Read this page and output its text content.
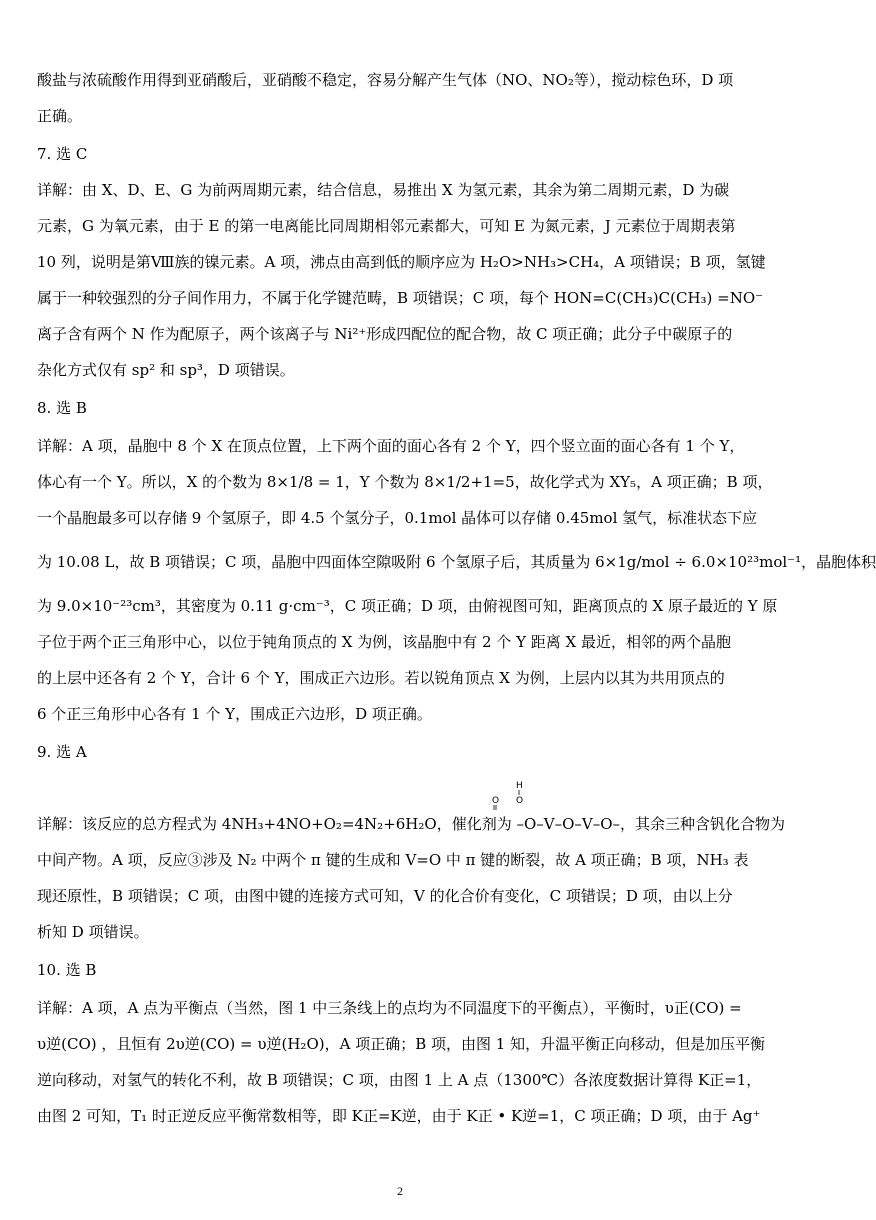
酸盐与浓硫酸作用得到亚硝酸后，亚硝酸不稳定，容易分解产生气体（NO、NO₂等），搅动棕色环，D 项
正确。
7. 选 C
详解：由 X、D、E、G 为前两周期元素，结合信息，易推出 X 为氢元素，其余为第二周期元素，D 为碳
元素，G 为氧元素，由于 E 的第一电离能比同周期相邻元素都大，可知 E 为氮元素，J 元素位于周期表第
10 列，说明是第Ⅷ族的镍元素。A 项，沸点由高到低的顺序应为 H₂O>NH₃>CH₄，A 项错误；B 项，氢键
属于一种较强烈的分子间作用力，不属于化学键范畴，B 项错误；C 项，每个 HON=C(CH₃)C(CH₃) =NO⁻
离子含有两个 N 作为配原子，两个该离子与 Ni²⁺形成四配位的配合物，故 C 项正确；此分子中碳原子的
杂化方式仅有 sp² 和 sp³，D 项错误。
8. 选 B
详解：A 项，晶胞中 8 个 X 在顶点位置，上下两个面的面心各有 2 个 Y，四个竖立面的面心各有 1 个 Y，
体心有一个 Y。所以，X 的个数为 8×1/8 = 1，Y 个数为 8×1/2+1=5，故化学式为 XY₅，A 项正确；B 项，
一个晶胞最多可以存储 9 个氢原子，即 4.5 个氢分子，0.1mol 晶体可以存储 0.45mol 氢气，标准状态下应
为 10.08 L，故 B 项错误；C 项，晶胞中四面体空隙吸附 6 个氢原子后，其质量为 6×1g/mol ÷ 6.0×10²³mol⁻¹，晶胞体积
为 9.0×10⁻²³cm³，其密度为 0.11 g·cm⁻³，C 项正确；D 项，由俯视图可知，距离顶点的 X 原子最近的 Y 原
子位于两个正三角形中心，以位于钝角顶点的 X 为例，该晶胞中有 2 个 Y 距离 X 最近，相邻的两个晶胞
的上层中还各有 2 个 Y，合计 6 个 Y，围成正六边形。若以锐角顶点 X 为例，上层内以其为共用顶点的
6 个正三角形中心各有 1 个 Y，围成正六边形，D 项正确。
9. 选 A
H
O
O
详解：该反应的总方程式为 4NH₃+4NO+O₂=4N₂+6H₂O，催化剂为 –O–V–O–V–O–，其余三种含钒化合物为
中间产物。A 项，反应③涉及 N₂ 中两个 π 键的生成和 V=O 中 π 键的断裂，故 A 项正确；B 项，NH₃ 表
现还原性，B 项错误；C 项，由图中键的连接方式可知，V 的化合价有变化，C 项错误；D 项，由以上分
析知 D 项错误。
10. 选 B
详解：A 项，A 点为平衡点（当然，图 1 中三条线上的点均为不同温度下的平衡点），平衡时，υ正(CO) =
υ逆(CO) ，且恒有 2υ逆(CO) = υ逆(H₂O)，A 项正确；B 项，由图 1 知，升温平衡正向移动，但是加压平衡
逆向移动，对氢气的转化不利，故 B 项错误；C 项，由图 1 上 A 点（1300℃）各浓度数据计算得 K正=1，
由图 2 可知，T₁ 时正逆反应平衡常数相等，即 K正=K逆，由于 K正 • K逆=1，C 项正确；D 项，由于 Ag⁺
2
